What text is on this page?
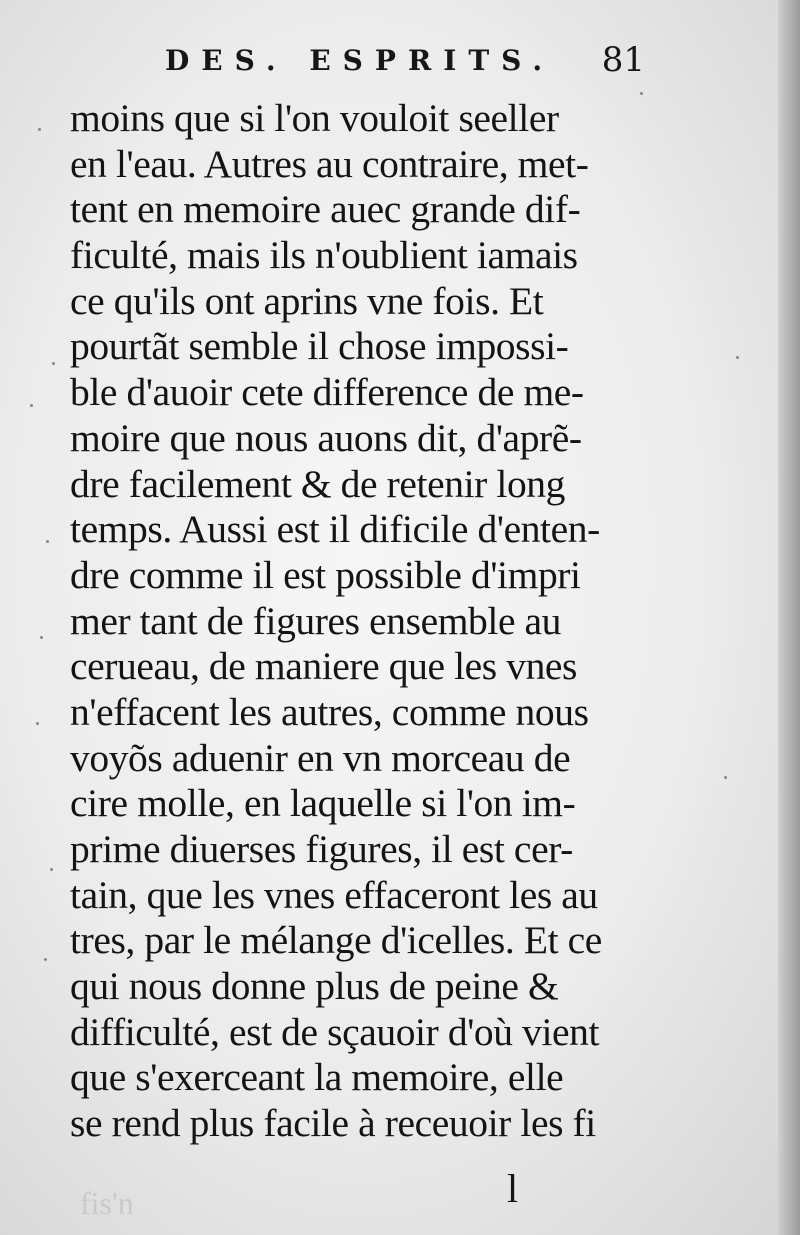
DES. ESPRITS. 81
moins que si l'on vouloit seeller
en l'eau. Autres au contraire, met-
tent en memoire auec grande dif-
ficulté, mais ils n'oublient iamais
ce qu'ils ont aprins vne fois. Et
pourtãt semble il chose impossi-
ble d'auoir cete difference de me-
moire que nous auons dit, d'aprẽ-
dre facilement & de retenir long
temps. Aussi est il dificile d'enten-
dre comme il est possible d'impri
mer tant de figures ensemble au
cerueau, de maniere que les vnes
n'effacent les autres, comme nous
voyõs aduenir en vn morceau de
cire molle, en laquelle si l'on im-
prime diuerses figures, il est cer-
tain, que les vnes effaceront les au
tres, par le mélange d'icelles. Et ce
qui nous donne plus de peine &
difficulté, est de sçauoir d'où vient
que s'exerceant la memoire, elle
se rend plus facile à receuoir les fi
l
fis'n
